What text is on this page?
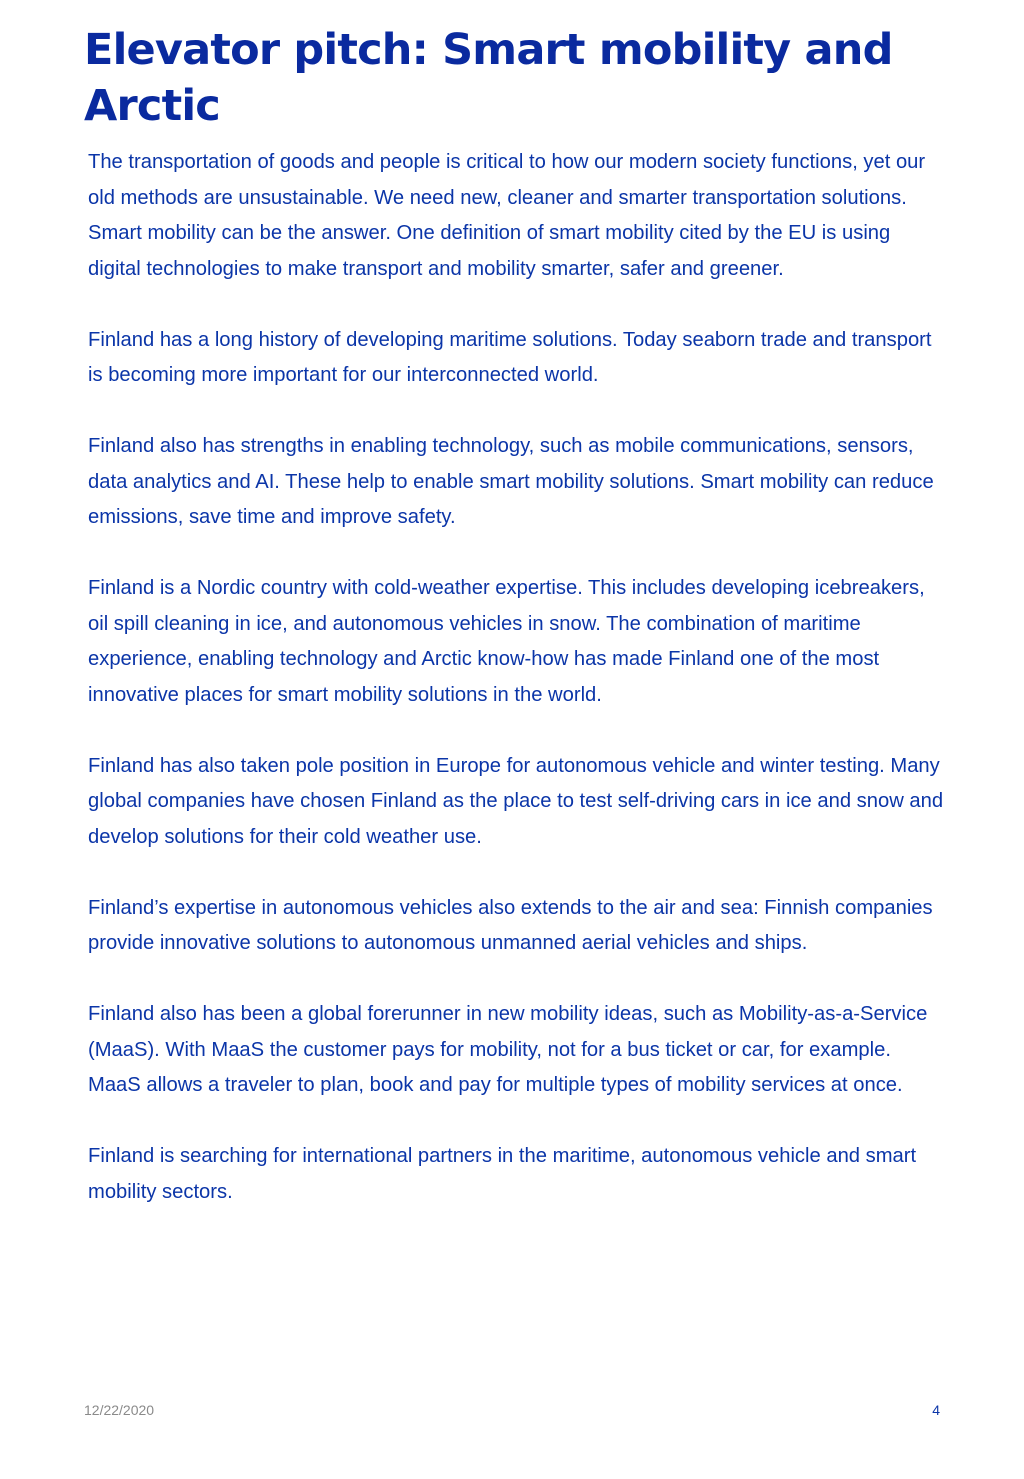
Elevator pitch: Smart mobility and Arctic

The transportation of goods and people is critical to how our modern society functions, yet our old methods are unsustainable. We need new, cleaner and smarter transportation solutions. Smart mobility can be the answer. One definition of smart mobility cited by the EU is using digital technologies to make transport and mobility smarter, safer and greener.

Finland has a long history of developing maritime solutions. Today seaborn trade and transport is becoming more important for our interconnected world.

Finland also has strengths in enabling technology, such as mobile communications, sensors, data analytics and AI. These help to enable smart mobility solutions. Smart mobility can reduce emissions, save time and improve safety.

Finland is a Nordic country with cold-weather expertise. This includes developing icebreakers, oil spill cleaning in ice, and autonomous vehicles in snow. The combination of maritime experience, enabling technology and Arctic know-how has made Finland one of the most innovative places for smart mobility solutions in the world.

Finland has also taken pole position in Europe for autonomous vehicle and winter testing. Many global companies have chosen Finland as the place to test self-driving cars in ice and snow and develop solutions for their cold weather use.

Finland’s expertise in autonomous vehicles also extends to the air and sea: Finnish companies provide innovative solutions to autonomous unmanned aerial vehicles and ships.

Finland also has been a global forerunner in new mobility ideas, such as Mobility-as-a-Service (MaaS). With MaaS the customer pays for mobility, not for a bus ticket or car, for example. MaaS allows a traveler to plan, book and pay for multiple types of mobility services at once.

Finland is searching for international partners in the maritime, autonomous vehicle and smart mobility sectors.

12/22/2020	4
